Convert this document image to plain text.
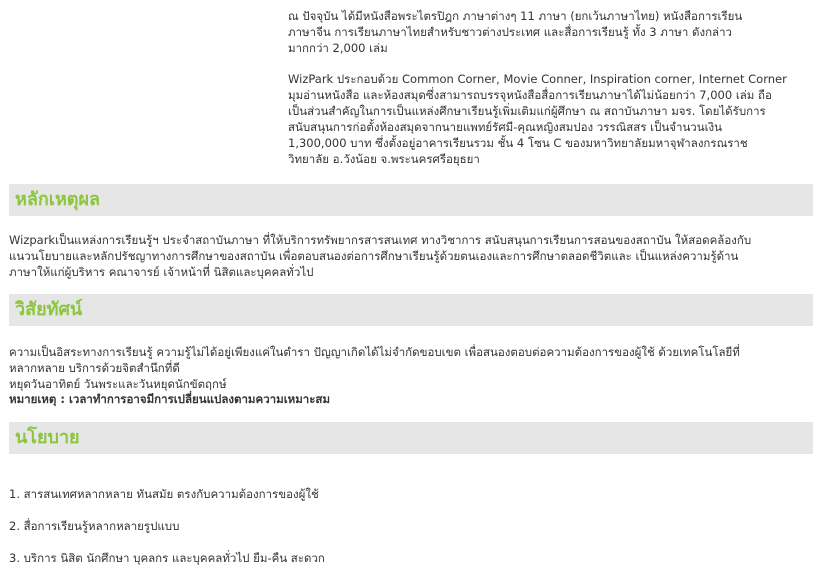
ณ ปัจจุบัน ได้มีหนังสือพระไตรปิฎก ภาษาต่างๆ 11 ภาษา (ยกเว้นภาษาไทย) หนังสือการเรียน
ภาษาจีน การเรียนภาษาไทยสำหรับชาวต่างประเทศ และสื่อการเรียนรู้ ทั้ง 3 ภาษา ดังกล่าว
มากกว่า 2,000 เล่ม

WizPark ประกอบด้วย Common Corner, Movie Conner, Inspiration corner, Internet Corner
มุมอ่านหนังสือ และห้องสมุดซึ่งสามารถบรรจุหนังสือสื่อการเรียนภาษาได้ไม่น้อยกว่า 7,000 เล่ม ถือ
เป็นส่วนสำคัญในการเป็นแหล่งศึกษาเรียนรู้เพิ่มเติมแก่ผู้ศึกษา ณ สถาบันภาษา มจร. โดยได้รับการ
สนับสนุนการก่อตั้งห้องสมุดจากนายแพทย์รัศมี-คุณหญิงสมปอง วรรณิสสร เป็นจำนวนเงิน
1,300,000 บาท ซึ่งตั้งอยู่อาคารเรียนรวม ชั้น 4 โซน C ของมหาวิทยาลัยมหาจุฬาลงกรณราช
วิทยาลัย อ.วังน้อย จ.พระนครศรีอยุธยา

หลักเหตุผล

Wizparkเป็นแหล่งการเรียนรู้ฯ ประจำสถาบันภาษา ที่ให้บริการทรัพยากรสารสนเทศ ทางวิชาการ สนับสนุนการเรียนการสอนของสถาบัน ให้สอดคล้องกับ
แนวนโยบายและหลักปรัชญาทางการศึกษาของสถาบัน เพื่อตอบสนองต่อการศึกษาเรียนรู้ด้วยตนเองและการศึกษาตลอดชีวิตและ เป็นแหล่งความรู้ด้าน
ภาษาให้แก่ผู้บริหาร คณาจารย์ เจ้าหน้าที่ นิสิตและบุคคลทั่วไป

วิสัยทัศน์

ความเป็นอิสระทางการเรียนรู้ ความรู้ไม่ได้อยู่เพียงแค่ในตำรา ปัญญาเกิดได้ไม่จำกัดขอบเขต เพื่อสนองตอบต่อความต้องการของผู้ใช้ ด้วยเทคโนโลยีที่
หลากหลาย บริการด้วยจิตสำนึกที่ดี
หยุดวันอาทิตย์ วันพระและวันหยุดนักขัตฤกษ์

หมายเหตุ : เวลาทำการอาจมีการเปลี่ยนแปลงตามความเหมาะสม
นโยบาย

1. สารสนเทศหลากหลาย ทันสมัย ตรงกับความต้องการของผู้ใช้

2. สื่อการเรียนรู้หลากหลายรูปแบบ

3. บริการ นิสิต นักศึกษา บุคลกร และบุคคลทั่วไป ยืม-คืน สะดวก
